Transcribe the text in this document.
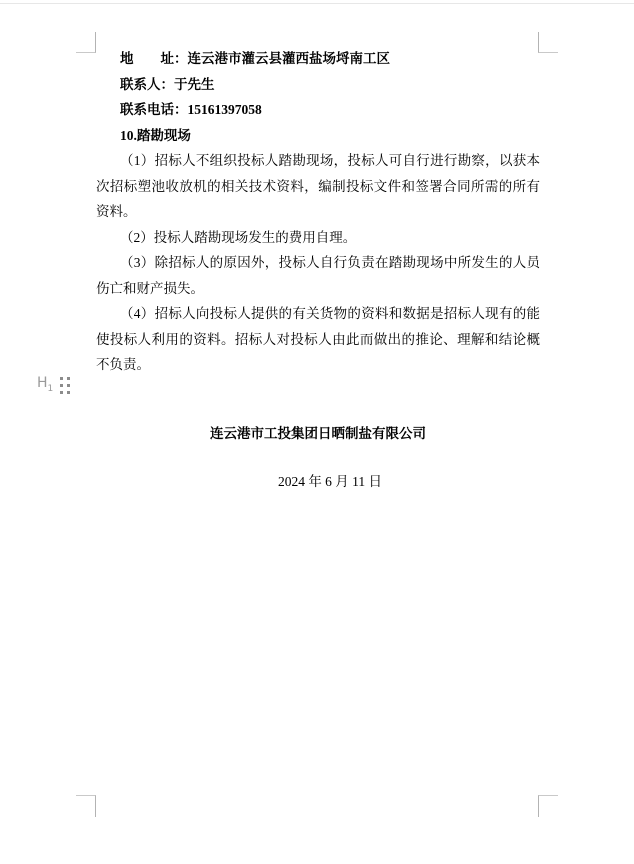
地　　址：连云港市灌云县灌西盐场埒南工区

联系人：于先生

联系电话：15161397058

10.踏勘现场

（1）招标人不组织投标人踏勘现场，投标人可自行进行勘察，以获本次招标塑池收放机的相关技术资料，编制投标文件和签署合同所需的所有资料。

（2）投标人踏勘现场发生的费用自理。

（3）除招标人的原因外，投标人自行负责在踏勘现场中所发生的人员伤亡和财产损失。

（4）招标人向投标人提供的有关货物的资料和数据是招标人现有的能使投标人利用的资料。招标人对投标人由此而做出的推论、理解和结论概不负责。

$H_1$

连云港市工投集团日晒制盐有限公司

2024 年 6 月 11 日
